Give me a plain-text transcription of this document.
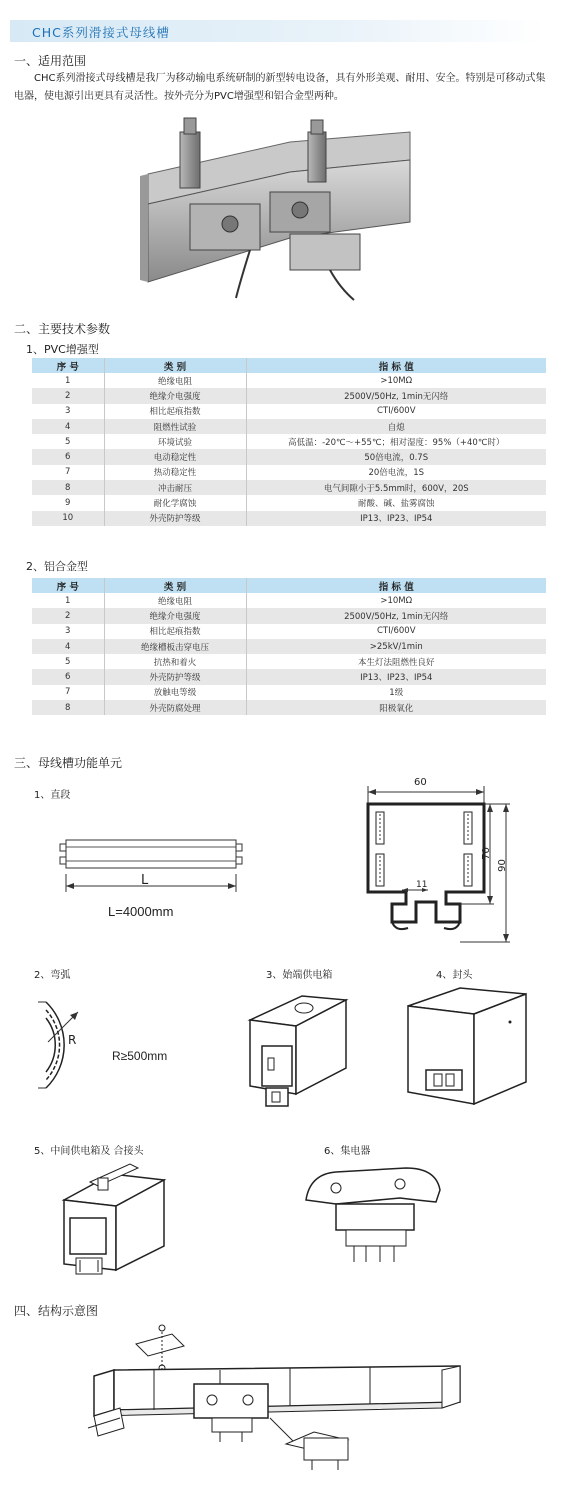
CHC系列滑接式母线槽
一、适用范围
CHC系列滑接式母线槽是我厂为移动输电系统研制的新型转电设备，具有外形美观、耐用、安全。特别是可移动式集电器，使电源引出更具有灵活性。按外壳分为PVC增强型和铝合金型两种。
二、主要技术参数
1、PVC增强型
序 号	类 别	指 标 值
1	绝缘电阻	>10MΩ
2	绝缘介电强度	2500V/50Hz, 1min无闪络
3	相比起痕指数	CTI/600V
4	阻燃性试验	自熄
5	环境试验	高低温：-20℃～+55℃；相对湿度：95%（+40℃时）
6	电动稳定性	50倍电流，0.7S
7	热动稳定性	20倍电流，1S
8	冲击耐压	电气间隙小于5.5mm时，600V，20S
9	耐化学腐蚀	耐酸、碱、盐雾腐蚀
10	外壳防护等级	IP13、IP23、IP54
2、铝合金型
序 号	类 别	指 标 值
1	绝缘电阻	>10MΩ
2	绝缘介电强度	2500V/50Hz, 1min无闪络
3	相比起痕指数	CTI/600V
4	绝缘槽板击穿电压	>25kV/1min
5	抗热和着火	本生灯法阻燃性良好
6	外壳防护等级	IP13、IP23、IP54
7	放触电等级	1级
8	外壳防腐处理	阳极氧化
三、母线槽功能单元
1、直段
L
L=4000mm
60
70
90
11
2、弯弧
R
R≥500mm
3、始端供电箱	4、封头
5、中间供电箱及 合接头	6、集电器
四、结构示意图
